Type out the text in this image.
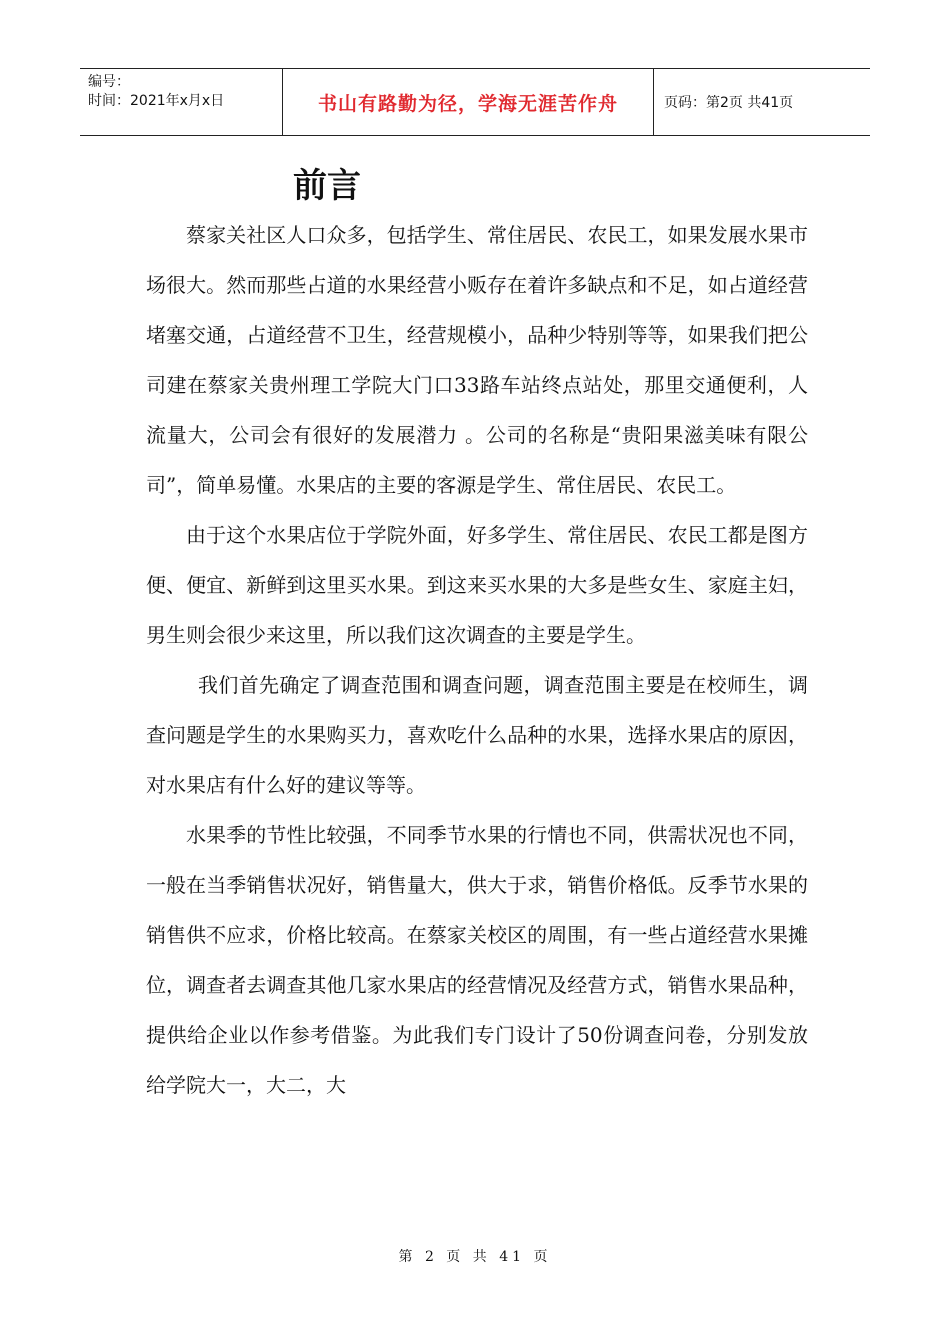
编号：
时间：2021年x月x日	书山有路勤为径，学海无涯苦作舟	页码：第2页 共41页
前言

蔡家关社区人口众多，包括学生、常住居民、农民工，如果发展水果市场很大。然而那些占道的水果经营小贩存在着许多缺点和不足，如占道经营堵塞交通，占道经营不卫生，经营规模小，品种少特别等等，如果我们把公司建在蔡家关贵州理工学院大门口33路车站终点站处，那里交通便利，人流量大，公司会有很好的发展潜力 。公司的名称是“贵阳果滋美味有限公司”，简单易懂。水果店的主要的客源是学生、常住居民、农民工。

由于这个水果店位于学院外面，好多学生、常住居民、农民工都是图方便、便宜、新鲜到这里买水果。到这来买水果的大多是些女生、家庭主妇，男生则会很少来这里，所以我们这次调查的主要是学生。

我们首先确定了调查范围和调查问题，调查范围主要是在校师生，调查问题是学生的水果购买力，喜欢吃什么品种的水果，选择水果店的原因，对水果店有什么好的建议等等。

水果季的节性比较强，不同季节水果的行情也不同，供需状况也不同，一般在当季销售状况好，销售量大，供大于求，销售价格低。反季节水果的销售供不应求，价格比较高。在蔡家关校区的周围，有一些占道经营水果摊位，调查者去调查其他几家水果店的经营情况及经营方式，销售水果品种，提供给企业以作参考借鉴。为此我们专门设计了50份调查问卷，分别发放给学院大一，大二，大

第 2 页 共 41 页
